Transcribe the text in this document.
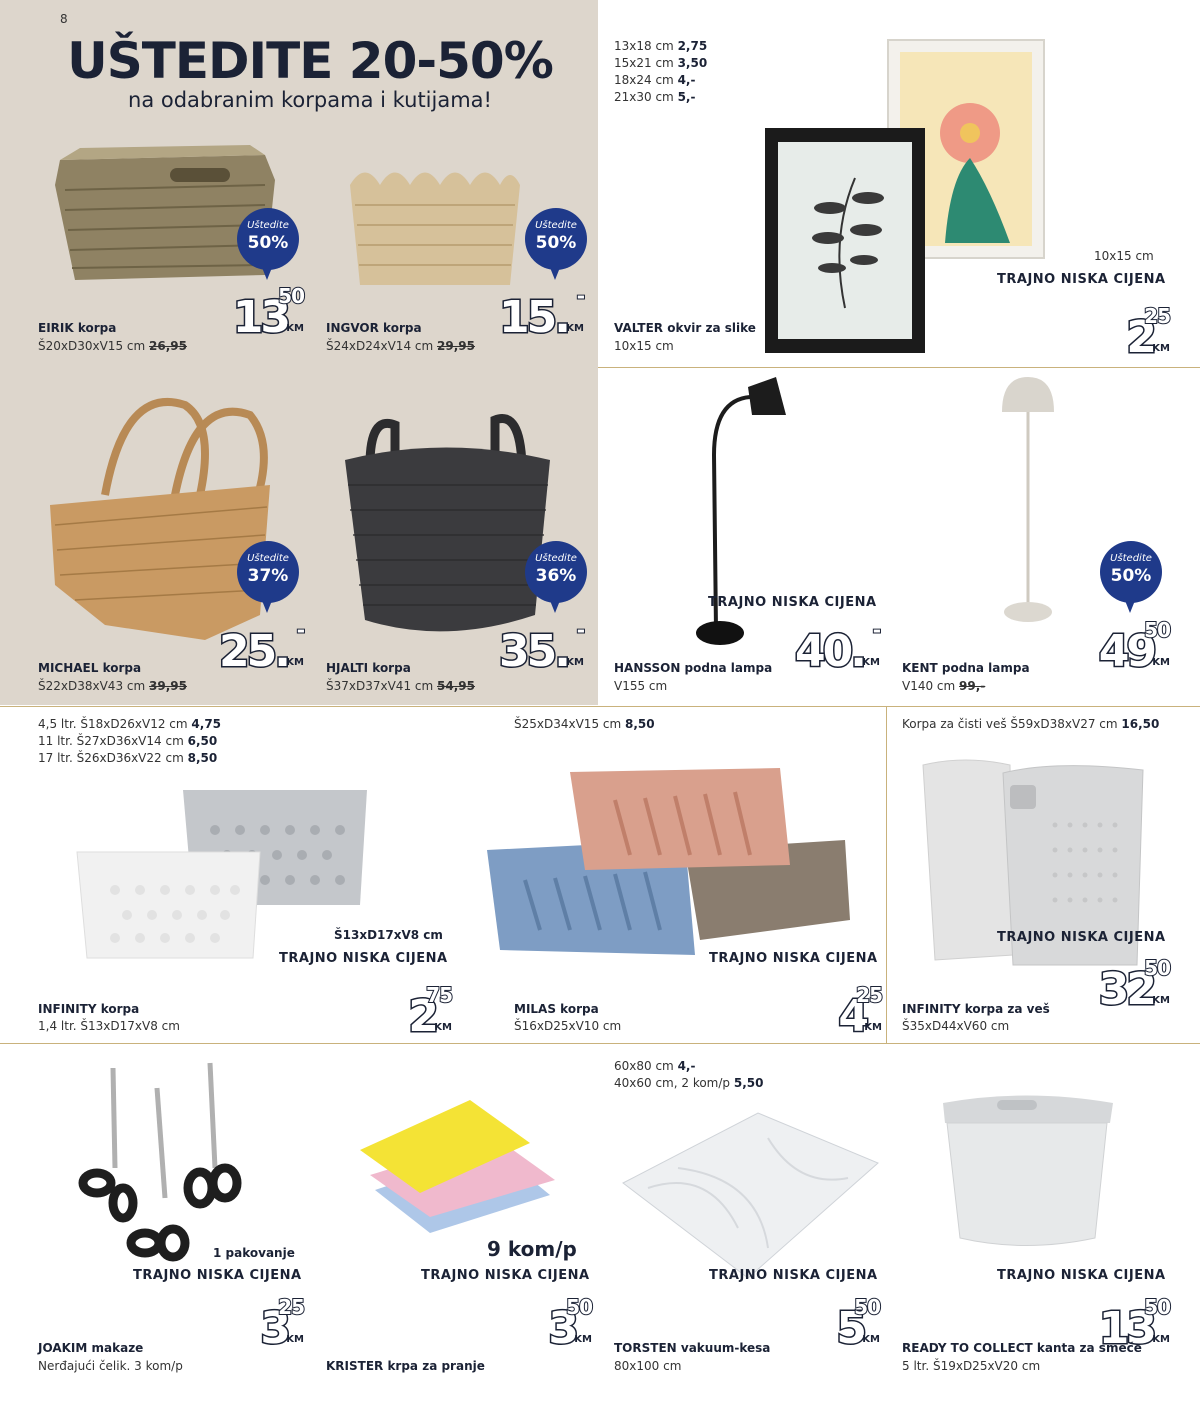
8
UŠTEDITE 20-50%
na odabranim korpama i kutijama!
Uštedite
50%
13
50
KM
EIRIK korpa
Š20xD30xV15 cm 26,95
Uštedite
50%
15. -
KM
INGVOR korpa
Š24xD24xV14 cm 29,95
Uštedite
37%
25. -
KM
MICHAEL korpa
Š22xD38xV43 cm 39,95
Uštedite
36%
35. -
KM
HJALTI korpa
Š37xD37xV41 cm 54,95
13x18 cm 2,75
15x21 cm 3,50
18x24 cm 4,-
21x30 cm 5,-
10x15 cm
TRAJNO NISKA CIJENA
2
25
KM
VALTER okvir za slike
10x15 cm
TRAJNO NISKA CIJENA
40. -
KM
HANSSON podna lampa
V155 cm
Uštedite
50%
49
50
KM
KENT podna lampa
V140 cm 99,-
4,5 ltr. Š18xD26xV12 cm 4,75
11 ltr. Š27xD36xV14 cm 6,50
17 ltr. Š26xD36xV22 cm 8,50
Š13xD17xV8 cm
TRAJNO NISKA CIJENA
2
75
KM
INFINITY korpa
1,4 ltr. Š13xD17xV8 cm
Š25xD34xV15 cm 8,50
TRAJNO NISKA CIJENA
4
25
KM
MILAS korpa
Š16xD25xV10 cm
Korpa za čisti veš Š59xD38xV27 cm 16,50
TRAJNO NISKA CIJENA
32
50
KM
INFINITY korpa za veš
Š35xD44xV60 cm
1 pakovanje
TRAJNO NISKA CIJENA
3
25
KM
JOAKIM makaze
Nerđajući čelik. 3 kom/p
9 kom/p
TRAJNO NISKA CIJENA
3
50
KM
KRISTER krpa za pranje
60x80 cm 4,-
40x60 cm, 2 kom/p 5,50
TRAJNO NISKA CIJENA
5
50
KM
TORSTEN vakuum-kesa
80x100 cm
TRAJNO NISKA CIJENA
13
50
KM
READY TO COLLECT kanta za smeće
5 ltr. Š19xD25xV20 cm
